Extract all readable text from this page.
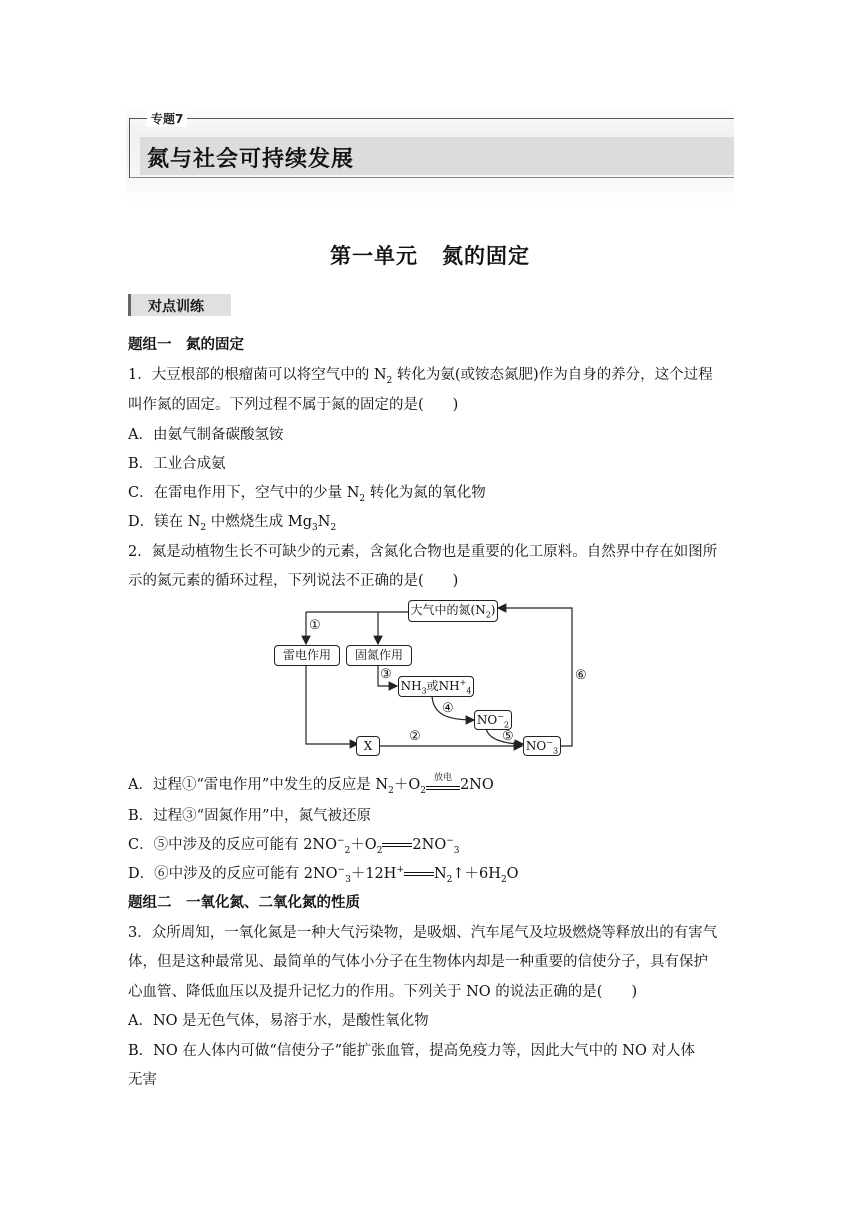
专题7
氮与社会可持续发展
第一单元 氮的固定
对点训练
题组一　 氮的固定
1．大豆根部的根瘤菌可以将空气中的 $N_2$ 转化为氨(或铵态氮肥)作为自身的养分，这个过程
叫作氮的固定。下列过程不属于氮的固定的是(　　)
A．由氨气制备碳酸氢铵
B．工业合成氨
C．在雷电作用下，空气中的少量 $N_2$ 转化为氮的氧化物
D．镁在 $N_2$ 中燃烧生成 $Mg_3N_2$
2．氮是动植物生长不可缺少的元素，含氮化合物也是重要的化工原料。自然界中存在如图所
示的氮元素的循环过程，下列说法不正确的是(　　)
大气中的氮$(N_2)$
雷电作用	固氮作用
$NH_3$或$NH^+_4$
$NO^-_2$
X	$NO^-_3$
①
②
③
④
⑤
⑥
A．过程①“雷电作用”中发生的反应是 $N_2+O_2$
放电 2NO
B．过程③“固氮作用”中，氮气被还原
C．⑤中涉及的反应可能有 $2NO^-_2+O_2$ $2NO^-_3$
D．⑥中涉及的反应可能有 $2NO^-_3+12H^+$ $N_2↑+6H_2O$
题组二　 一氧化氮、二氧化氮的性质
3．众所周知，一氧化氮是一种大气污染物，是吸烟、汽车尾气及垃圾燃烧等释放出的有害气
体，但是这种最常见、最简单的气体小分子在生物体内却是一种重要的信使分子，具有保护
心血管、降低血压以及提升记忆力的作用。下列关于 NO 的说法正确的是(　　)
A．NO 是无色气体，易溶于水，是酸性氧化物
B．NO 在人体内可做“信使分子”能扩张血管，提高免疫力等，因此大气中的 NO 对人体
无害
